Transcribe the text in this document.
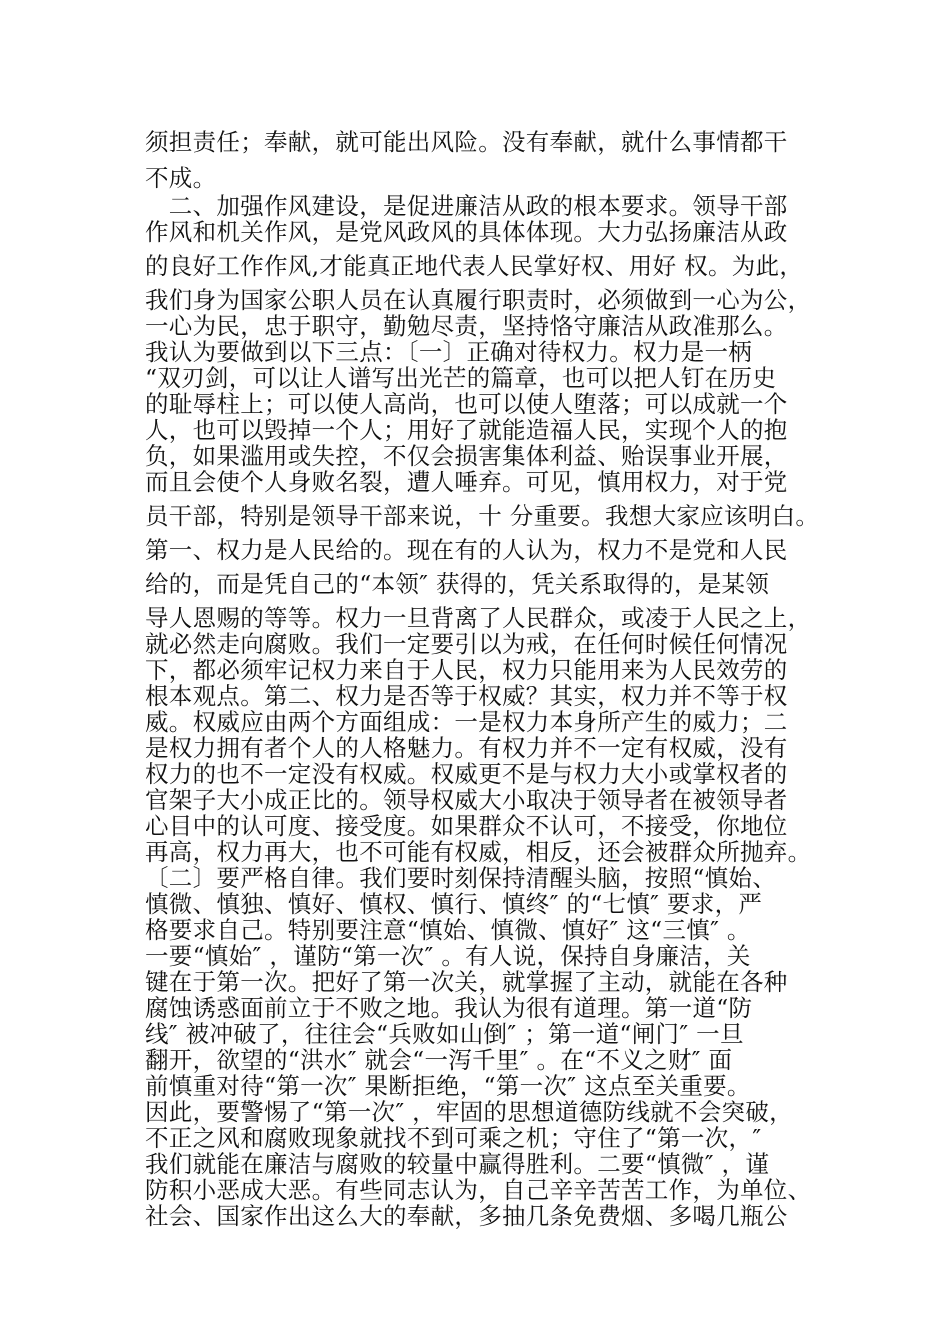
须担责任；奉献，就可能出风险。没有奉献，就什么事情都干
不成。
　二、加强作风建设，是促进廉洁从政的根本要求。领导干部
作风和机关作风，是党风政风的具体体现。大力弘扬廉洁从政
的良好工作作风,才能真正地代表人民掌好权、用好 权。为此，
我们身为国家公职人员在认真履行职责时，必须做到一心为公，
一心为民，忠于职守，勤勉尽责，坚持恪守廉洁从政准那么。
我认为要做到以下三点：〔一〕正确对待权力。权力是一柄
“双刃剑，可以让人谱写出光芒的篇章，也可以把人钉在历史
的耻辱柱上；可以使人高尚，也可以使人堕落；可以成就一个
人，也可以毁掉一个人；用好了就能造福人民，实现个人的抱
负，如果滥用或失控，不仅会损害集体利益、贻误事业开展，
而且会使个人身败名裂，遭人唾弃。可见，慎用权力，对于党
员干部，特别是领导干部来说，十 分重要。我想大家应该明白。
第一、权力是人民给的。现在有的人认为，权力不是党和人民
给的，而是凭自己的“本领″ 获得的，凭关系取得的，是某领
导人恩赐的等等。权力一旦背离了人民群众，或凌于人民之上，
就必然走向腐败。我们一定要引以为戒，在任何时候任何情况
下，都必须牢记权力来自于人民，权力只能用来为人民效劳的
根本观点。第二、权力是否等于权威？其实，权力并不等于权
威。权威应由两个方面组成：一是权力本身所产生的威力；二
是权力拥有者个人的人格魅力。有权力并不一定有权威，没有
权力的也不一定没有权威。权威更不是与权力大小或掌权者的
官架子大小成正比的。领导权威大小取决于领导者在被领导者
心目中的认可度、接受度。如果群众不认可，不接受，你地位
再高，权力再大，也不可能有权威，相反，还会被群众所抛弃。
〔二〕要严格自律。我们要时刻保持清醒头脑，按照“慎始、
慎微、慎独、慎好、慎权、慎行、慎终″ 的“七慎″ 要求，严
格要求自己。特别要注意“慎始、慎微、慎好″ 这“三慎″ 。
一要“慎始″ ，谨防“第一次″ 。有人说，保持自身廉洁，关
键在于第一次。把好了第一次关，就掌握了主动，就能在各种
腐蚀诱惑面前立于不败之地。我认为很有道理。第一道“防
线″ 被冲破了，往往会“兵败如山倒″ ；第一道“闸门″ 一旦
翻开，欲望的“洪水″ 就会“一泻千里″ 。在“不义之财″ 面
前慎重对待“第一次″ 果断拒绝，“第一次″ 这点至关重要。
因此，要警惕了“第一次″ ，牢固的思想道德防线就不会突破，
不正之风和腐败现象就找不到可乘之机；守住了“第一次，″
我们就能在廉洁与腐败的较量中赢得胜利。二要“慎微″ ，谨
防积小恶成大恶。有些同志认为，自己辛辛苦苦工作，为单位、
社会、国家作出这么大的奉献，多抽几条免费烟、多喝几瓶公
